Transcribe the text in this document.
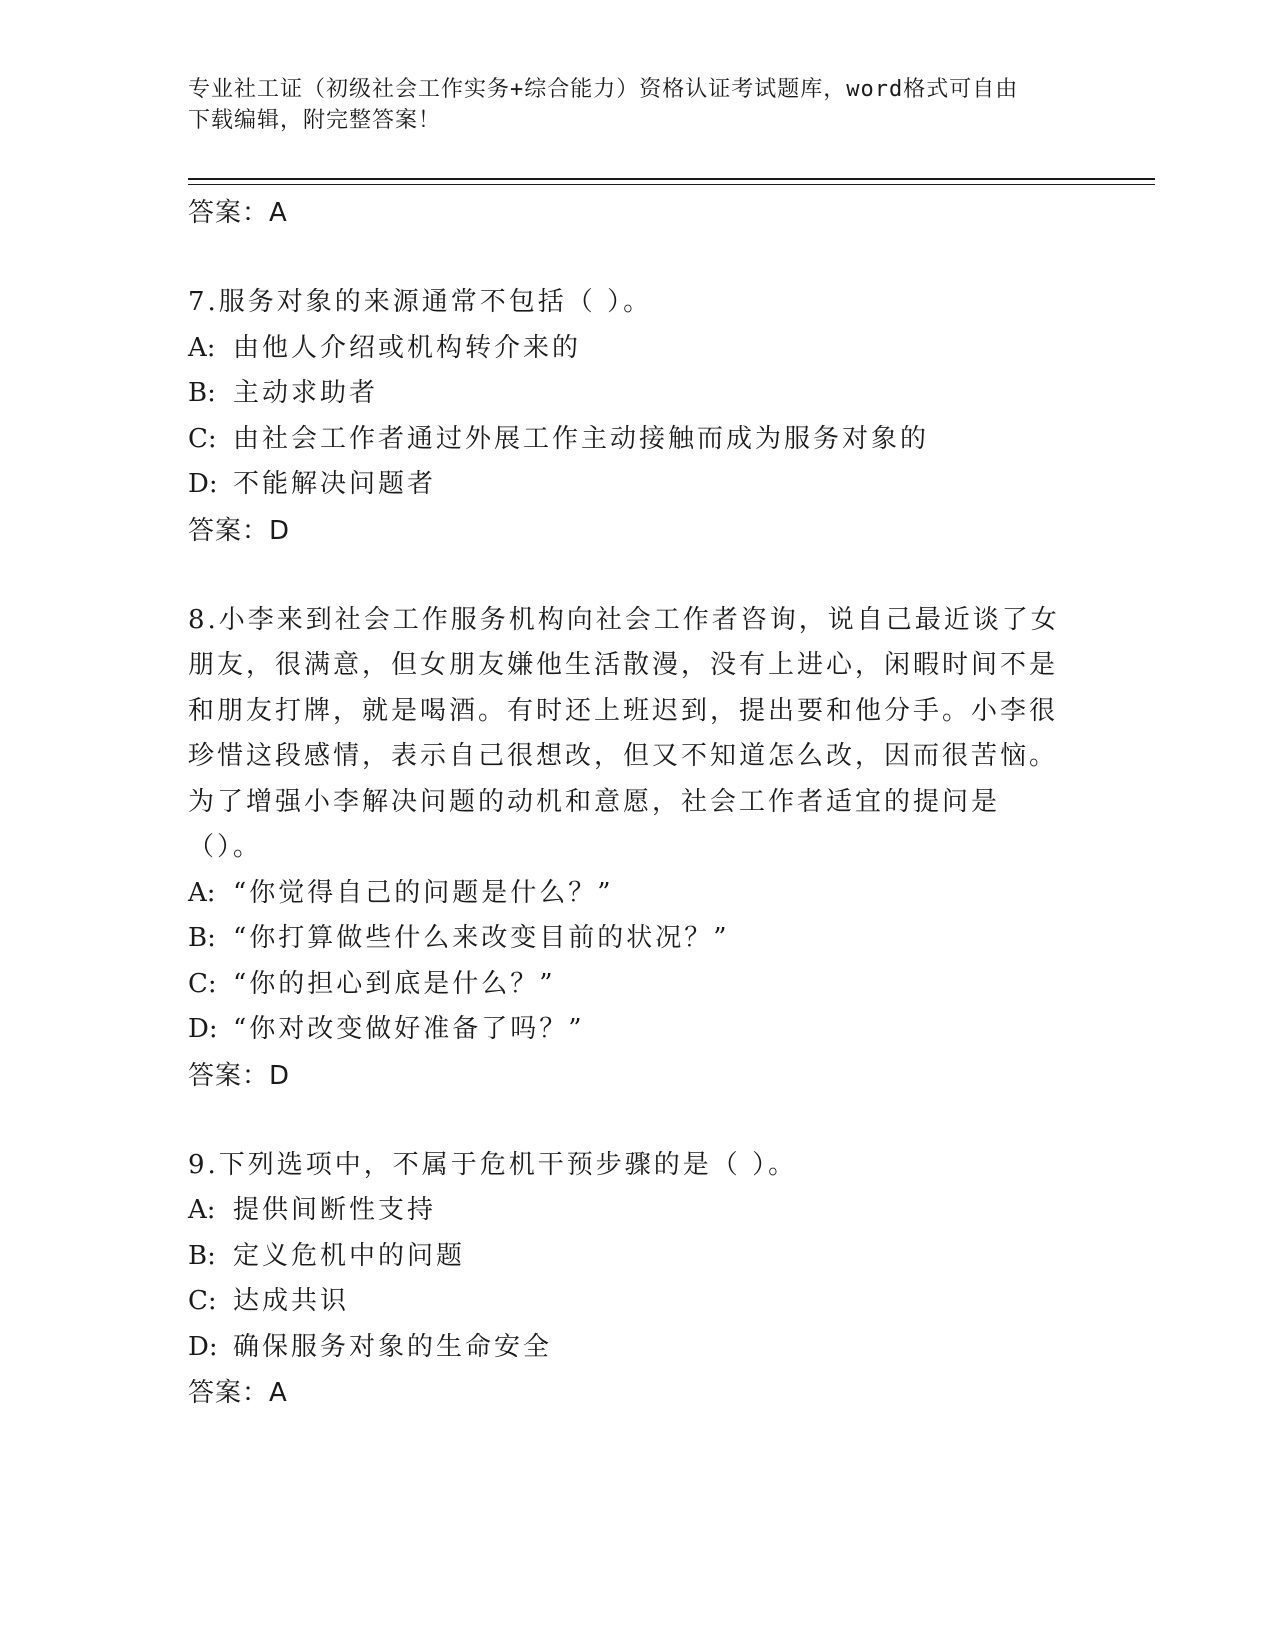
专业社工证（初级社会工作实务+综合能力）资格认证考试题库，word格式可自由
下载编辑，附完整答案！
答案：A
7.服务对象的来源通常不包括（ ）。
A: 由他人介绍或机构转介来的
B: 主动求助者
C: 由社会工作者通过外展工作主动接触而成为服务对象的
D: 不能解决问题者
答案：D
8.小李来到社会工作服务机构向社会工作者咨询，说自己最近谈了女朋友，很满意，但女朋友嫌他生活散漫，没有上进心，闲暇时间不是和朋友打牌，就是喝酒。有时还上班迟到，提出要和他分手。小李很珍惜这段感情，表示自己很想改，但又不知道怎么改，因而很苦恼。为了增强小李解决问题的动机和意愿，社会工作者适宜的提问是（）。
A: “你觉得自己的问题是什么？”
B: “你打算做些什么来改变目前的状况？”
C: “你的担心到底是什么？”
D: “你对改变做好准备了吗？”
答案：D
9.下列选项中，不属于危机干预步骤的是（ ）。
A: 提供间断性支持
B: 定义危机中的问题
C: 达成共识
D: 确保服务对象的生命安全
答案：A
